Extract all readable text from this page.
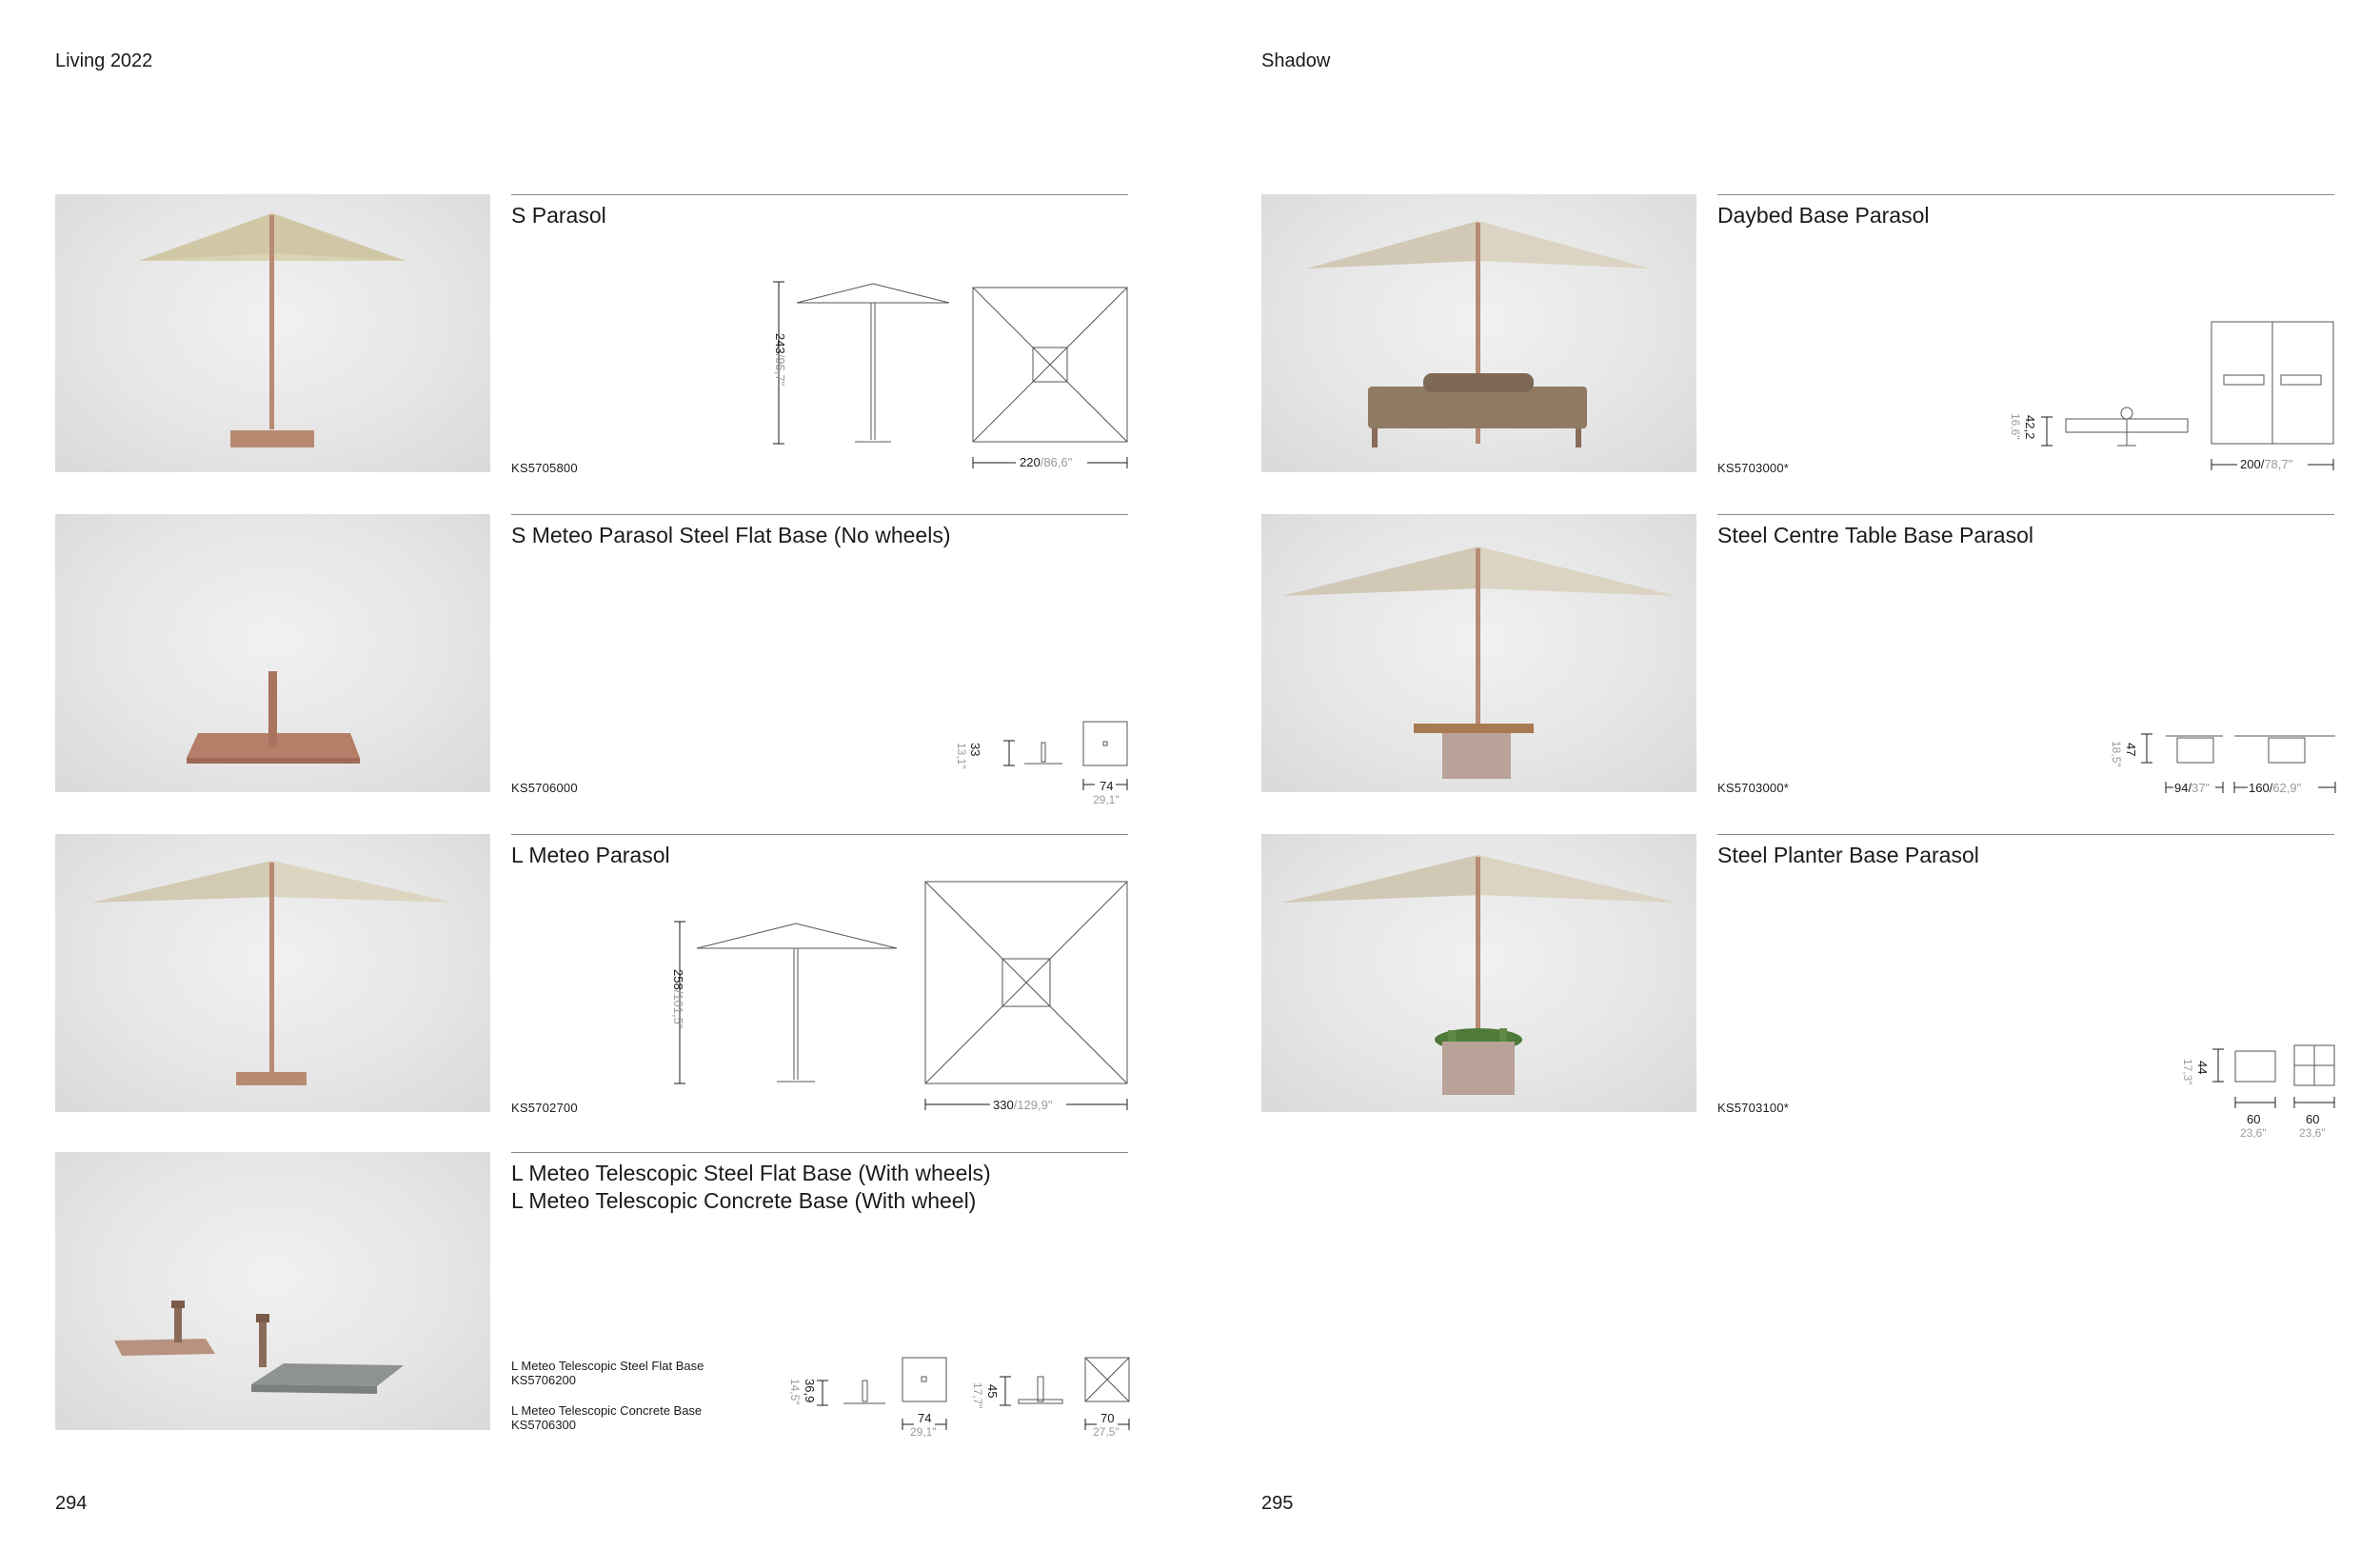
Living 2022	Shadow
S Parasol
KS5705800
243/95,7"
220/86,6"
S Meteo Parasol Steel Flat Base (No wheels)
KS5706000
33
13,1"
74
29,1"
L Meteo Parasol
KS5702700
258/101,5"
330/129,9"
L Meteo Telescopic Steel Flat Base (With wheels)
L Meteo Telescopic Concrete Base (With wheel)
L Meteo Telescopic Steel Flat Base
KS5706200
L Meteo Telescopic Concrete Base
KS5706300
36,9
14,5"
74
29,1"
45
17,7"
70
27,5"
294
Daybed Base Parasol
KS5703000*
42,2
16,6"
200/78,7"
Steel Centre Table Base Parasol
KS5703000*
47
18,5"
94/37"	160/62,9"
Steel Planter Base Parasol
KS5703100*
44
17,3"
60
23,6"
60
23,6"
295
